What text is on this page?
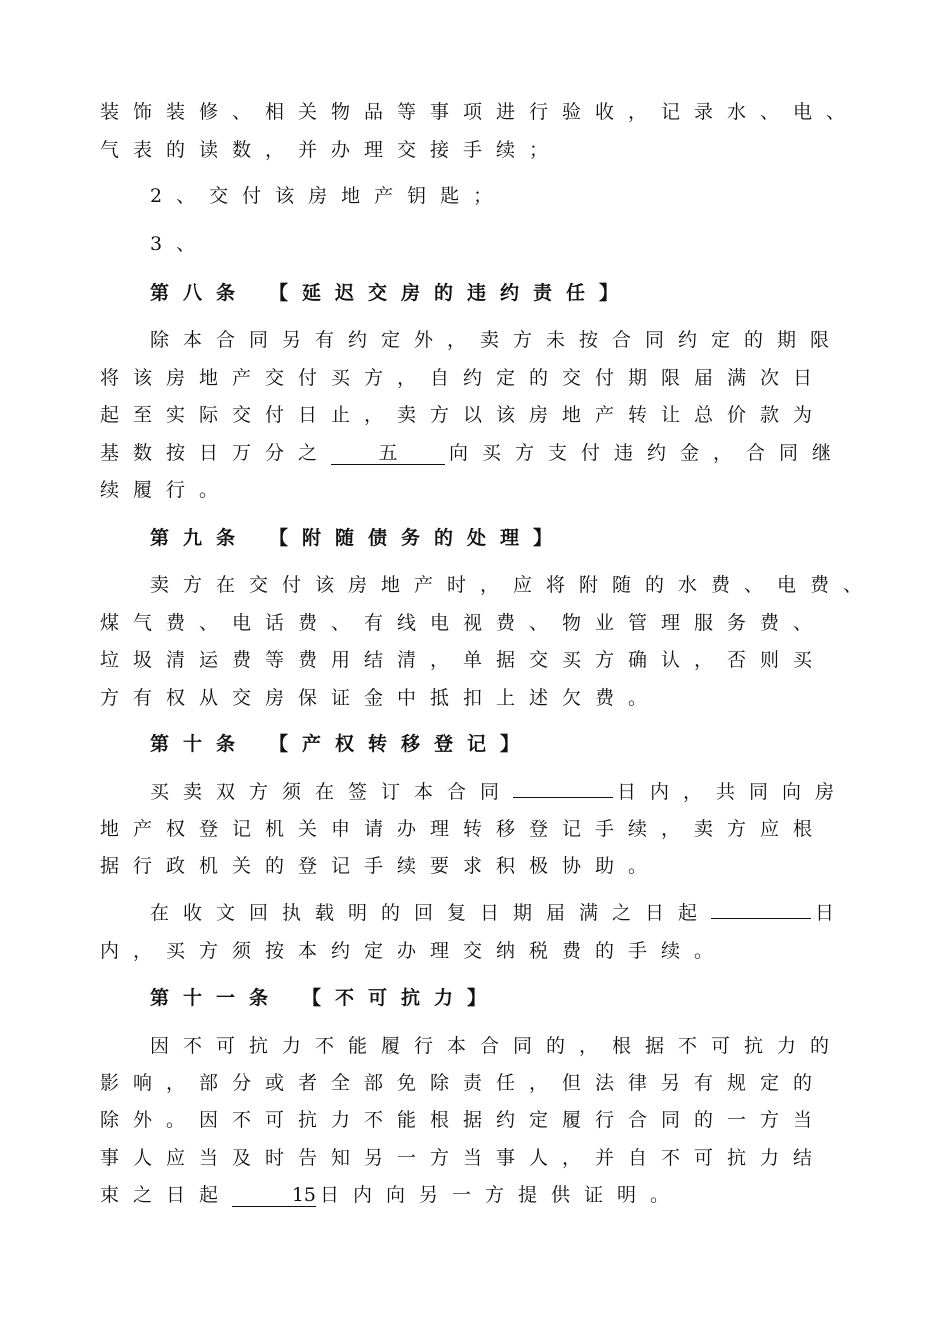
装饰装修、相关物品等事项进行验收，记录水、电、
气表的读数，并办理交接手续；
2、交付该房地产钥匙；
3、
第八条 【延迟交房的违约责任】
除本合同另有约定外，卖方未按合同约定的期限
将该房地产交付买方，自约定的交付期限届满次日
起至实际交付日止，卖方以该房地产转让总价款为
基数按日万分之 五	向买方支付违约金，合同继
续履行。
第九条 【附随债务的处理】
卖方在交付该房地产时，应将附随的水费、电费、
煤气费、电话费、有线电视费、物业管理服务费、
垃圾清运费等费用结清，单据交买方确认，否则买
方有权从交房保证金中抵扣上述欠费。
第十条 【产权转移登记】
买卖双方须在签订本合同	日内，共同向房
地产权登记机关申请办理转移登记手续，卖方应根
据行政机关的登记手续要求积极协助。
在收文回执载明的回复日期届满之日起	日
内，买方须按本约定办理交纳税费的手续。
第十一条 【不可抗力】
因不可抗力不能履行本合同的，根据不可抗力的
影响，部分或者全部免除责任，但法律另有规定的
除外。因不可抗力不能根据约定履行合同的一方当
事人应当及时告知另一方当事人，并自不可抗力结
束之日起	15 日内向另一方提供证明。
